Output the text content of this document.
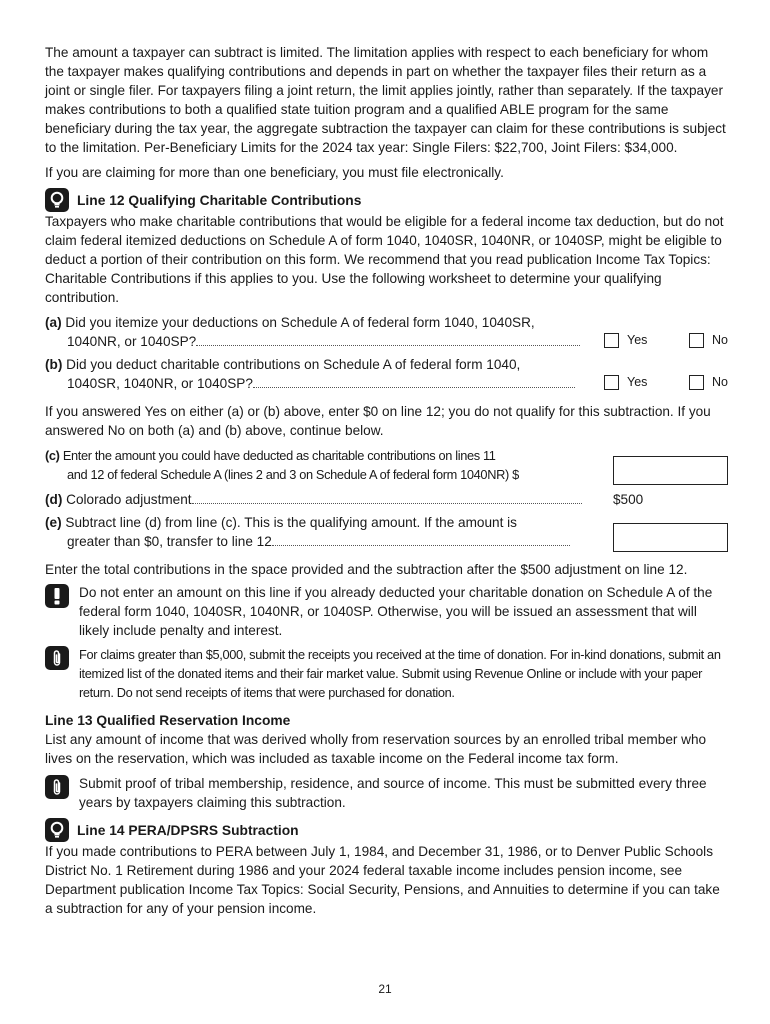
The amount a taxpayer can subtract is limited. The limitation applies with respect to each beneficiary for whom the taxpayer makes qualifying contributions and depends in part on whether the taxpayer files their return as a joint or single filer. For taxpayers filing a joint return, the limit applies jointly, rather than separately. If the taxpayer makes contributions to both a qualified state tuition program and a qualified ABLE program for the same beneficiary during the tax year, the aggregate subtraction the taxpayer can claim for these contributions is subject to the limitation. Per-Beneficiary Limits for the 2024 tax year: Single Filers: $22,700, Joint Filers: $34,000.

If you are claiming for more than one beneficiary, you must file electronically.

Line 12 Qualifying Charitable Contributions

Taxpayers who make charitable contributions that would be eligible for a federal income tax deduction, but do not claim federal itemized deductions on Schedule A of form 1040, 1040SR, 1040NR, or 1040SP, might be eligible to deduct a portion of their contribution on this form. We recommend that you read publication Income Tax Topics: Charitable Contributions if this applies to you. Use the following worksheet to determine your qualifying contribution.

(a) Did you itemize your deductions on Schedule A of federal form 1040, 1040SR,
1040NR, or 1040SP?	Yes	No
(b) Did you deduct charitable contributions on Schedule A of federal form 1040,
1040SR, 1040NR, or 1040SP?	Yes	No

If you answered Yes on either (a) or (b) above, enter $0 on line 12; you do not qualify for this subtraction. If you answered No on both (a) and (b) above, continue below.

(c) Enter the amount you could have deducted as charitable contributions on lines 11
and 12 of federal Schedule A (lines 2 and 3 on Schedule A of federal form 1040NR) $
(d) Colorado adjustment	$500
(e) Subtract line (d) from line (c). This is the qualifying amount. If the amount is
greater than $0, transfer to line 12

Enter the total contributions in the space provided and the subtraction after the $500 adjustment on line 12.

Do not enter an amount on this line if you already deducted your charitable donation on Schedule A of the federal form 1040, 1040SR, 1040NR, or 1040SP. Otherwise, you will be issued an assessment that will likely include penalty and interest.

For claims greater than $5,000, submit the receipts you received at the time of donation. For in-kind donations, submit an itemized list of the donated items and their fair market value. Submit using Revenue Online or include with your paper return. Do not send receipts of items that were purchased for donation.

Line 13 Qualified Reservation Income

List any amount of income that was derived wholly from reservation sources by an enrolled tribal member who lives on the reservation, which was included as taxable income on the Federal income tax form.

Submit proof of tribal membership, residence, and source of income. This must be submitted every three years by taxpayers claiming this subtraction.

Line 14 PERA/DPSRS Subtraction

If you made contributions to PERA between July 1, 1984, and December 31, 1986, or to Denver Public Schools District No. 1 Retirement during 1986 and your 2024 federal taxable income includes pension income, see Department publication Income Tax Topics: Social Security, Pensions, and Annuities to determine if you can take a subtraction for any of your pension income.

21
